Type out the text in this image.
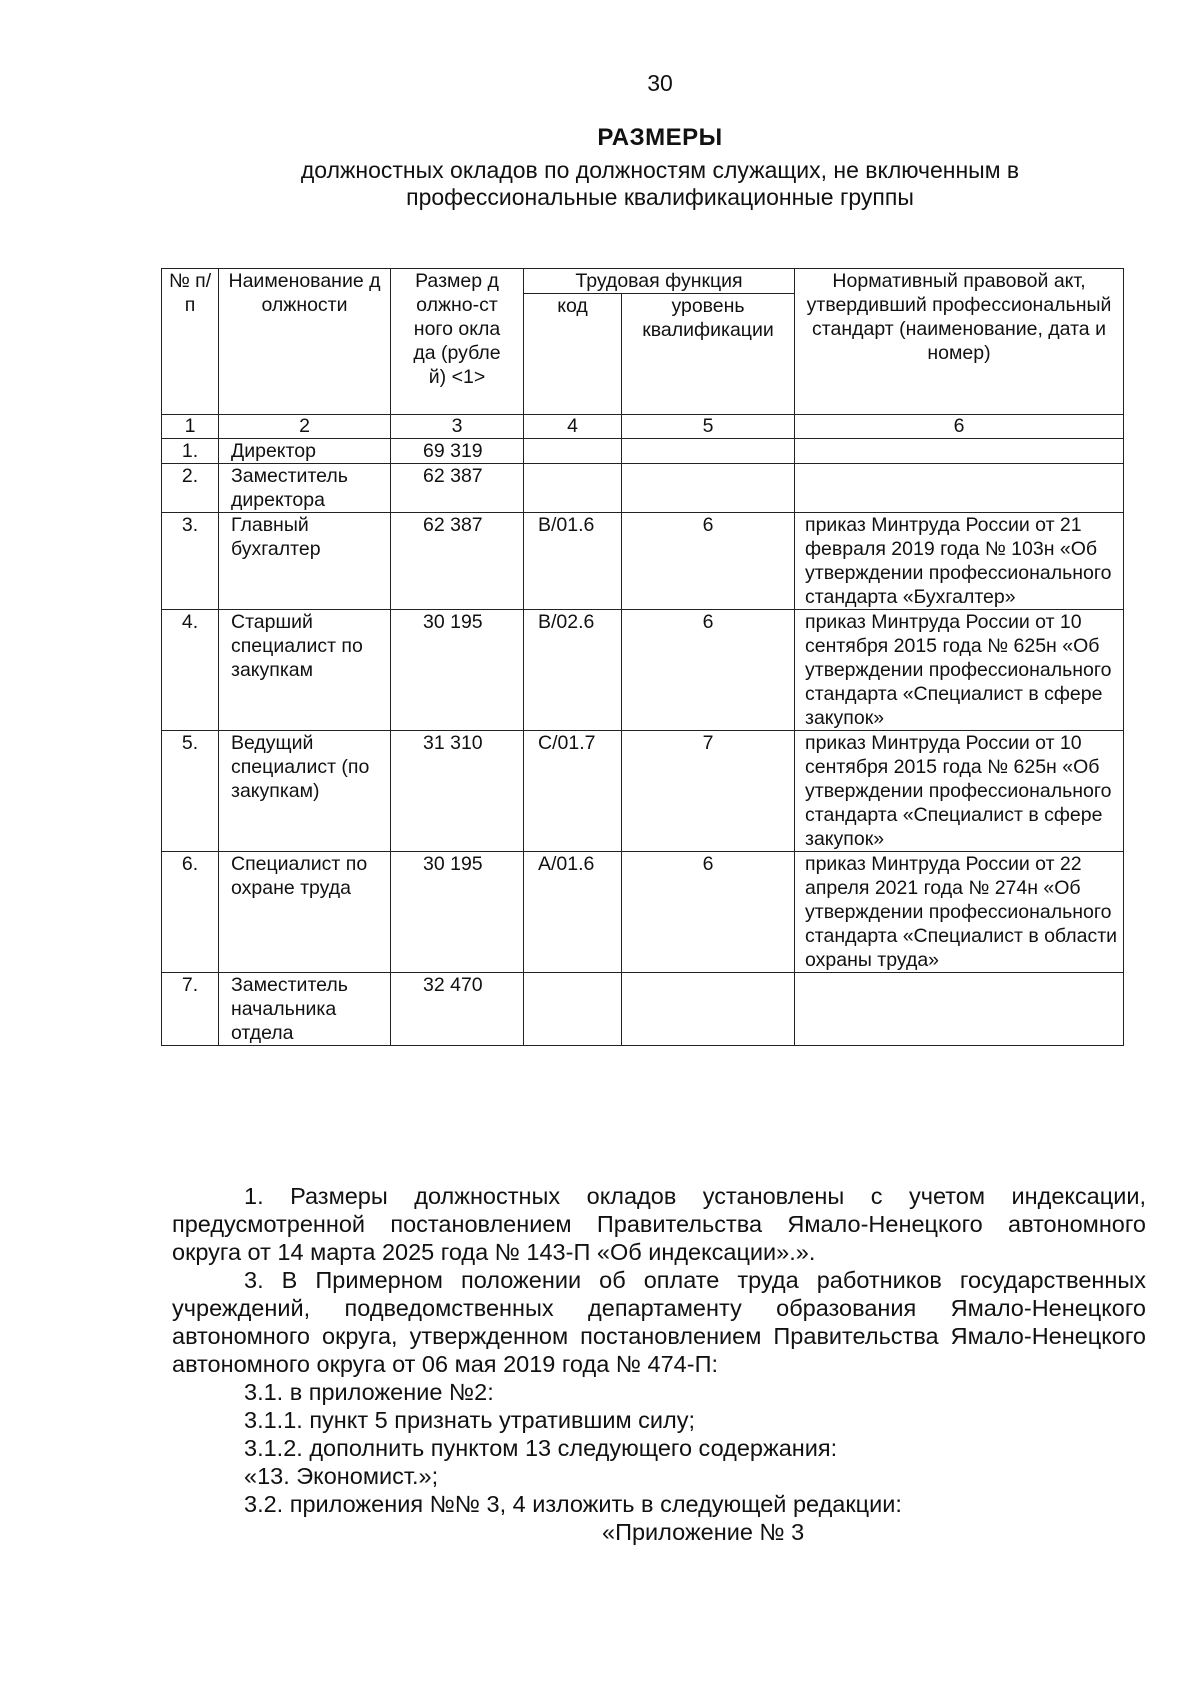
30
РАЗМЕРЫ
должностных окладов по должностям служащих, не включенным в профессиональные квалификационные группы
№ п/п	Наименование должности	Размер должно-стного оклада (рублей) <1>	Трудовая функция		Нормативный правовой акт, утвердивший профессиональный стандарт (наименование, дата и номер)
			код	уровень квалификации	
1	2	3	4	5	6
1.	Директор	69 319			
2.	Заместитель директора	62 387			
3.	Главный бухгалтер	62 387	B/01.6	6	приказ Минтруда России от 21 февраля 2019 года № 103н «Об утверждении профессионального стандарта «Бухгалтер»
4.	Старший специалист по закупкам	30 195	B/02.6	6	приказ Минтруда России от 10 сентября 2015 года № 625н «Об утверждении профессионального стандарта «Специалист в сфере закупок»
5.	Ведущий специалист (по закупкам)	31 310	C/01.7	7	приказ Минтруда России от 10 сентября 2015 года № 625н «Об утверждении профессионального стандарта «Специалист в сфере закупок»
6.	Специалист по охране труда	30 195	A/01.6	6	приказ Минтруда России от 22 апреля 2021 года № 274н «Об утверждении профессионального стандарта «Специалист в области охраны труда»
7.	Заместитель начальника отдела	32 470			

1. Размеры должностных окладов установлены с учетом индексации, предусмотренной постановлением Правительства Ямало-Ненецкого автономного округа от 14 марта 2025 года № 143-П «Об индексации».».

3. В Примерном положении об оплате труда работников государственных учреждений, подведомственных департаменту образования Ямало-Ненецкого автономного округа, утвержденном постановлением Правительства Ямало-Ненецкого автономного округа от 06 мая 2019 года № 474-П:

3.1. в приложение №2:

3.1.1. пункт 5 признать утратившим силу;

3.1.2. дополнить пунктом 13 следующего содержания:

«13. Экономист.»;

3.2. приложения №№ 3, 4 изложить в следующей редакции:

«Приложение № 3
